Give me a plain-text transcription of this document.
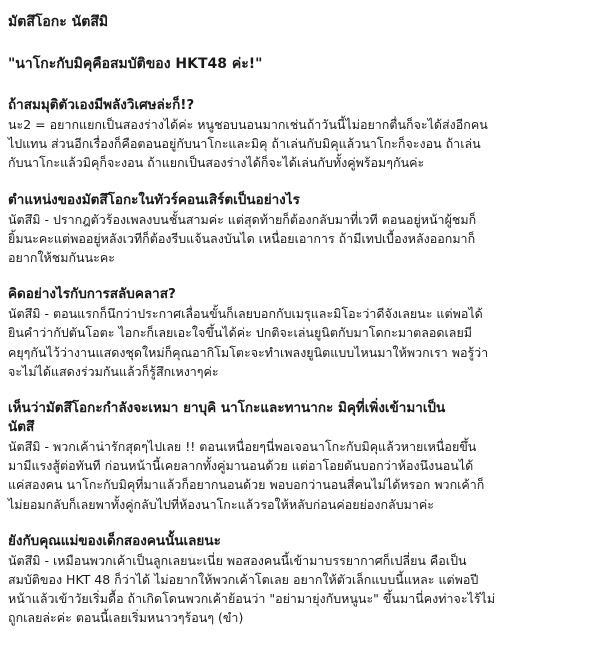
มัตสึโอกะ นัตสึมิ

"นาโกะกับมิคุคือสมบัติของ HKT48 ค่ะ!"

ถ้าสมมุติตัวเองมีพลังวิเศษล่ะก็!?

นะ2 = อยากแยกเป็นสองร่างได้ค่ะ หนูชอบนอนมากเช่นถ้าวันนี้ไม่อยากตื่นก็จะได้ส่งอีกคน
ไปแทน ส่วนอีกเรื่องก็คือตอนอยู่กับนาโกะและมิคุ ถ้าเล่นกับมิคุแล้วนาโกะก็จะงอน ถ้าเล่น
กับนาโกะแล้วมิคุก็จะงอน ถ้าแยกเป็นสองร่างได้ก็จะได้เล่นกับทั้งคู่พร้อมๆกันค่ะ

ตำแหน่งของมัตสึโอกะในทัวร์คอนเสิร์ตเป็นอย่างไร

นัตสึมิ - ปรากฎตัวร้องเพลงบนชั้นสามค่ะ แต่สุดท้ายก็ต้องกลับมาที่เวที ตอนอยู่หน้าผู้ชมก็
ยิ้มนะคะแต่พออยู่หลังเวทีก็ต้องรีบแจ้นลงบันได เหนื่อยเอาการ ถ้ามีเทปเบื้องหลังออกมาก็
อยากให้ชมกันนะคะ

คิดอย่างไรกับการสลับคลาส?

นัตสึมิ - ตอนแรกก็นึกว่าประกาศเลื่อนขั้นก็เลยบอกกับเมรุและมิโอะว่าดีจังเลยนะ แต่พอได้
ยินคำว่ากัปตันโอตะ ไอกะก็เลยเอะใจขึ้นได้ค่ะ ปกติจะเล่นยูนิตกับมาโดกะมาตลอดเลยมี
คยุๆกันไว้ว่างานแสดงชุดใหม่ก็คุณอากิโมโตะจะทำเพลงยูนิตแบบไหนมาให้พวกเรา พอรู้ว่า
จะไม่ได้แสดงร่วมกันแล้วก็รู้สึกเหงาๆค่ะ

เห็นว่ามัตสึโอกะกำลังจะเหมา ยาบุคิ นาโกะและทานากะ มิคุที่เพิ่งเข้ามาเป็น
นัตสึ

นัตสึมิ - พวกเค้าน่ารักสุดๆไปเลย !! ตอนเหนื่อยๆนี่พอเจอนาโกะกับมิคุแล้วหายเหนื่อยขึ้น
มามีแรงสู้ต่อทันที ก่อนหน้านี้เคยลากทั้งคู่มานอนด้วย แต่อาโอยดันบอกว่าห้องนึงนอนได้
แค่สองคน นาโกะกับมิคุที่มาแล้วก็อยากนอนด้วย พอบอกว่านอนสี่คนไม่ได้หรอก พวกเค้าก็
ไม่ยอมกลับก็เลยพาทั้งคู่กลับไปที่ห้องนาโกะแล้วรอให้หลับก่อนค่อยย่องกลับมาค่ะ

ยังกับคุณแม่ของเด็กสองคนนั้นเลยนะ

นัตสึมิ - เหมือนพวกเค้าเป็นลูกเลยนะเนี่ย พอสองคนนี้เข้ามาบรรยากาศก็เปลี่ยน คือเป็น
สมบัติของ HKT 48 ก็ว่าได้ ไม่อยากให้พวกเค้าโตเลย อยากให้ตัวเล็กแบบนี้แหละ แต่พอปี
หน้าแล้วเข้าวัยเริ่มดื้อ ถ้าเกิดโดนพวกเค้าย้อนว่า "อย่ามายุ่งกับหนูนะ" ขึ้นมานี่คงท่าจะไร้ไม่
ถูกเลยล่ะค่ะ ตอนนี้เลยเริ่มหนาวๆร้อนๆ (ขำ)
